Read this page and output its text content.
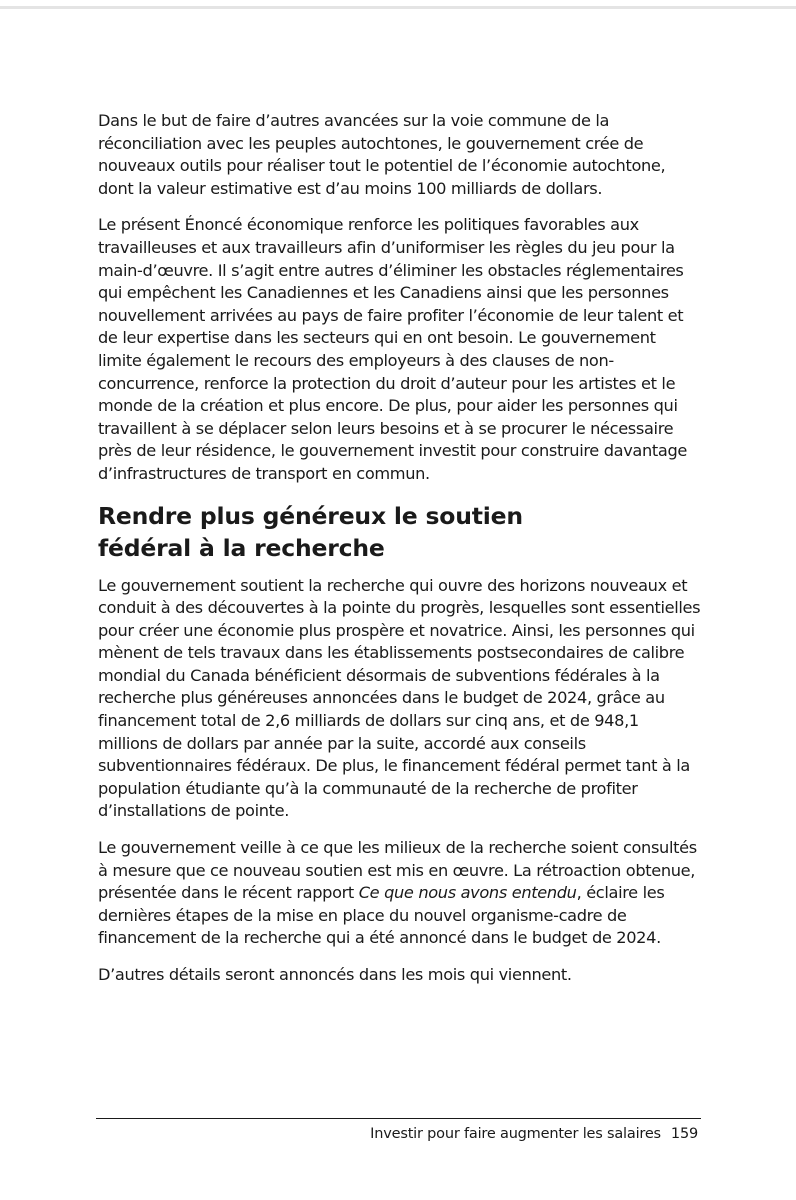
Dans le but de faire d’autres avancées sur la voie commune de la réconciliation avec les peuples autochtones, le gouvernement crée de nouveaux outils pour réaliser tout le potentiel de l’économie autochtone, dont la valeur estimative est d’au moins 100 milliards de dollars.

Le présent Énoncé économique renforce les politiques favorables aux travailleuses et aux travailleurs afin d’uniformiser les règles du jeu pour la main-d’œuvre. Il s’agit entre autres d’éliminer les obstacles réglementaires qui empêchent les Canadiennes et les Canadiens ainsi que les personnes nouvellement arrivées au pays de faire profiter l’économie de leur talent et de leur expertise dans les secteurs qui en ont besoin. Le gouvernement limite également le recours des employeurs à des clauses de non-concurrence, renforce la protection du droit d’auteur pour les artistes et le monde de la création et plus encore. De plus, pour aider les personnes qui travaillent à se déplacer selon leurs besoins et à se procurer le nécessaire près de leur résidence, le gouvernement investit pour construire davantage d’infrastructures de transport en commun.

Rendre plus généreux le soutien fédéral à la recherche

Le gouvernement soutient la recherche qui ouvre des horizons nouveaux et conduit à des découvertes à la pointe du progrès, lesquelles sont essentielles pour créer une économie plus prospère et novatrice. Ainsi, les personnes qui mènent de tels travaux dans les établissements postsecondaires de calibre mondial du Canada bénéficient désormais de subventions fédérales à la recherche plus généreuses annoncées dans le budget de 2024, grâce au financement total de 2,6 milliards de dollars sur cinq ans, et de 948,1 millions de dollars par année par la suite, accordé aux conseils subventionnaires fédéraux. De plus, le financement fédéral permet tant à la population étudiante qu’à la communauté de la recherche de profiter d’installations de pointe.

Le gouvernement veille à ce que les milieux de la recherche soient consultés à mesure que ce nouveau soutien est mis en œuvre. La rétroaction obtenue, présentée dans le récent rapport Ce que nous avons entendu, éclaire les dernières étapes de la mise en place du nouvel organisme-cadre de financement de la recherche qui a été annoncé dans le budget de 2024.

D’autres détails seront annoncés dans les mois qui viennent.

Investir pour faire augmenter les salaires 159
